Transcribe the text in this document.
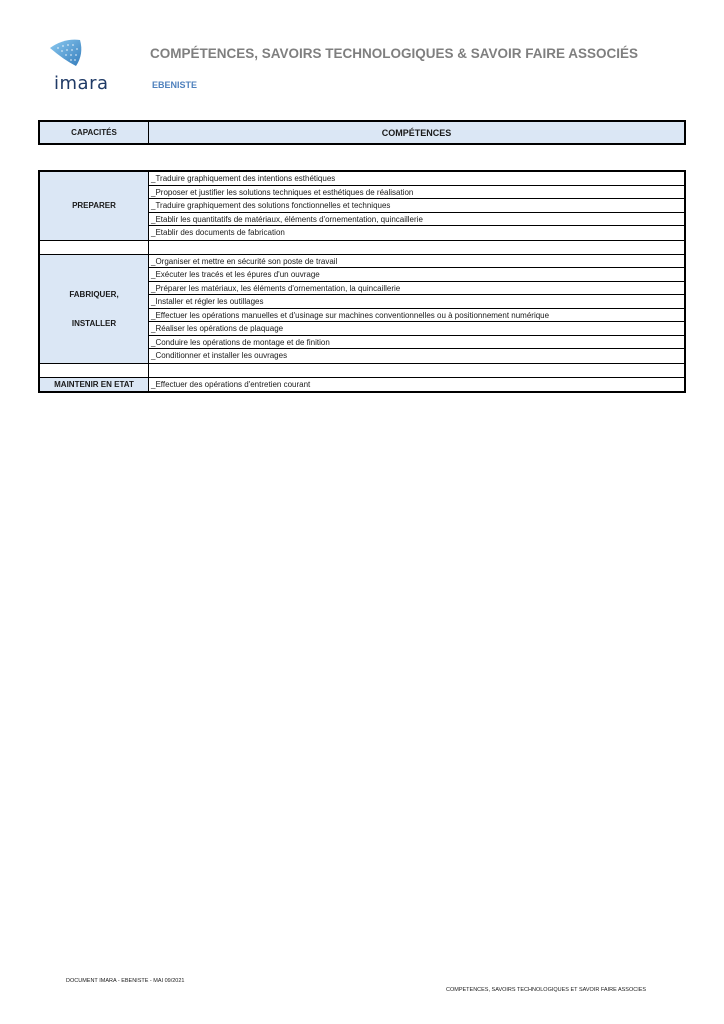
imara
COMPÉTENCES, SAVOIRS TECHNOLOGIQUES & SAVOIR FAIRE ASSOCIÉS
EBENISTE
CAPACITÉS	COMPÉTENCES
PREPARER
_Traduire graphiquement des intentions esthétiques
_Proposer et justifier les solutions techniques et esthétiques de réalisation
_Traduire graphiquement des solutions fonctionnelles et techniques
_Etablir les quantitatifs de matériaux, éléments d'ornementation, quincaillerie
_Etablir des documents de fabrication
FABRIQUER,
INSTALLER
_Organiser et mettre en sécurité son poste de travail
_Exécuter les tracés et les épures d'un ouvrage
_Préparer les matériaux, les éléments d'ornementation, la quincaillerie
_Installer et régler les outillages
_Effectuer les opérations manuelles et d'usinage sur machines conventionnelles ou à positionnement numérique
_Réaliser les opérations de plaquage
_Conduire les opérations de montage et de finition
_Conditionner et installer les ouvrages
MAINTENIR EN ETAT _Effectuer des opérations d'entretien courant
DOCUMENT IMARA - EBENISTE - MAI 09/2021
COMPETENCES, SAVOIRS TECHNOLOGIQUES ET SAVOIR FAIRE ASSOCIES
